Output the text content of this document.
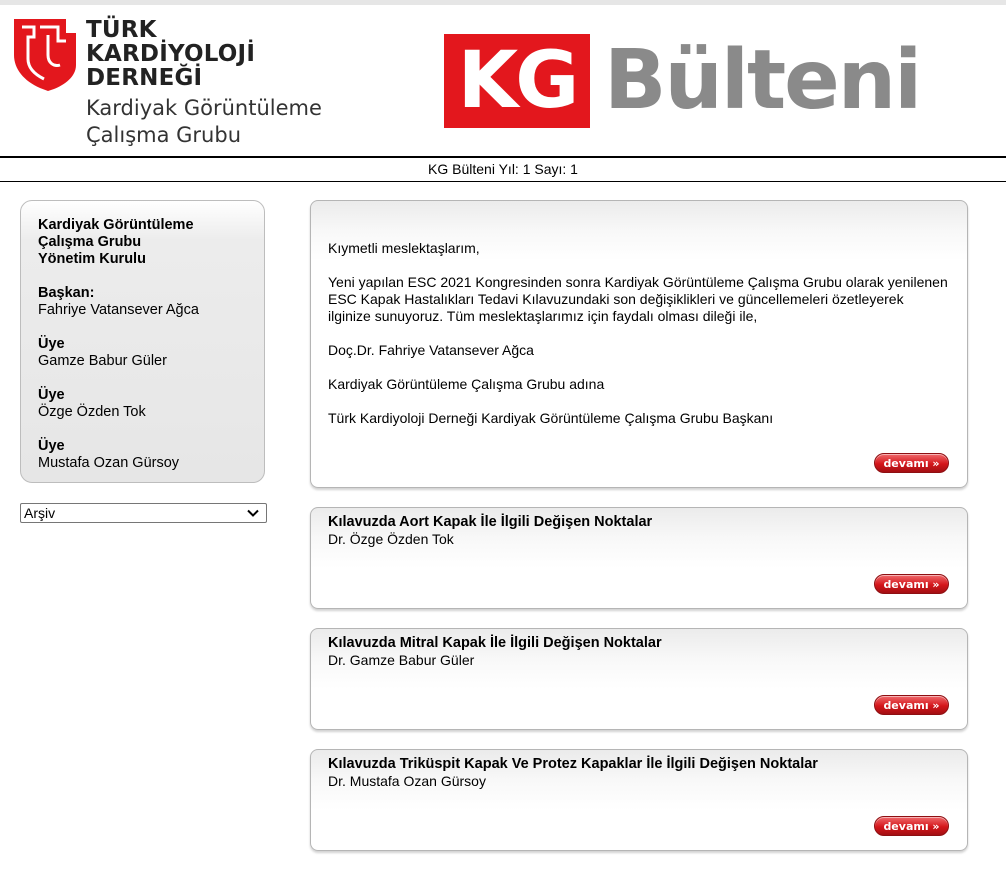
TÜRK
KARDİYOLOJİ
DERNEĞİ
Kardiyak Görüntüleme
Çalışma Grubu
KG Bülteni
KG Bülteni Yıl: 1 Sayı: 1
Kardiyak Görüntüleme
Çalışma Grubu
Yönetim Kurulu
Başkan:
Fahriye Vatansever Ağca
Üye
Gamze Babur Güler
Üye
Özge Özden Tok
Üye
Mustafa Ozan Gürsoy
Arşiv

Kıymetli meslektaşlarım,

Yeni yapılan ESC 2021 Kongresinden sonra Kardiyak Görüntüleme Çalışma Grubu olarak yenilenen ESC Kapak Hastalıkları Tedavi Kılavuzundaki son değişiklikleri ve güncellemeleri özetleyerek ilginize sunuyoruz. Tüm meslektaşlarımız için faydalı olması dileği ile,

Doç.Dr. Fahriye Vatansever Ağca

Kardiyak Görüntüleme Çalışma Grubu adına

Türk Kardiyoloji Derneği Kardiyak Görüntüleme Çalışma Grubu Başkanı

devamı »
Kılavuzda Aort Kapak İle İlgili Değişen Noktalar
Dr. Özge Özden Tok
devamı »
Kılavuzda Mitral Kapak İle İlgili Değişen Noktalar
Dr. Gamze Babur Güler
devamı »
Kılavuzda Triküspit Kapak Ve Protez Kapaklar İle İlgili Değişen Noktalar
Dr. Mustafa Ozan Gürsoy
devamı »
